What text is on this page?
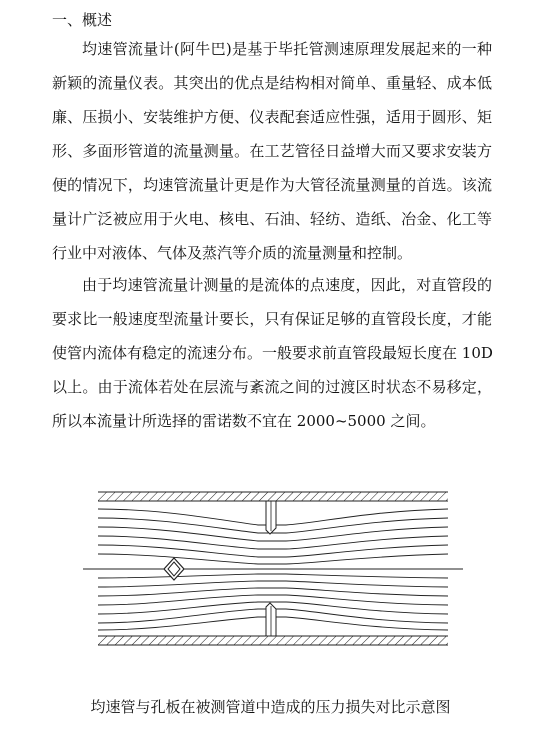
一、概述

均速管流量计(阿牛巴)是基于毕托管测速原理发展起来的一种
新颖的流量仪表。其突出的优点是结构相对简单、重量轻、成本低
廉、压损小、安装维护方便、仪表配套适应性强，适用于圆形、矩
形、多面形管道的流量测量。在工艺管径日益增大而又要求安装方
便的情况下，均速管流量计更是作为大管径流量测量的首选。该流
量计广泛被应用于火电、核电、石油、轻纺、造纸、冶金、化工等
行业中对液体、气体及蒸汽等介质的流量测量和控制。

由于均速管流量计测量的是流体的点速度，因此，对直管段的
要求比一般速度型流量计要长，只有保证足够的直管段长度，才能
使管内流体有稳定的流速分布。一般要求前直管段最短长度在 10D
以上。由于流体若处在层流与紊流之间的过渡区时状态不易移定，
所以本流量计所选择的雷诺数不宜在 2000~5000 之间。

均速管与孔板在被测管道中造成的压力损失对比示意图
